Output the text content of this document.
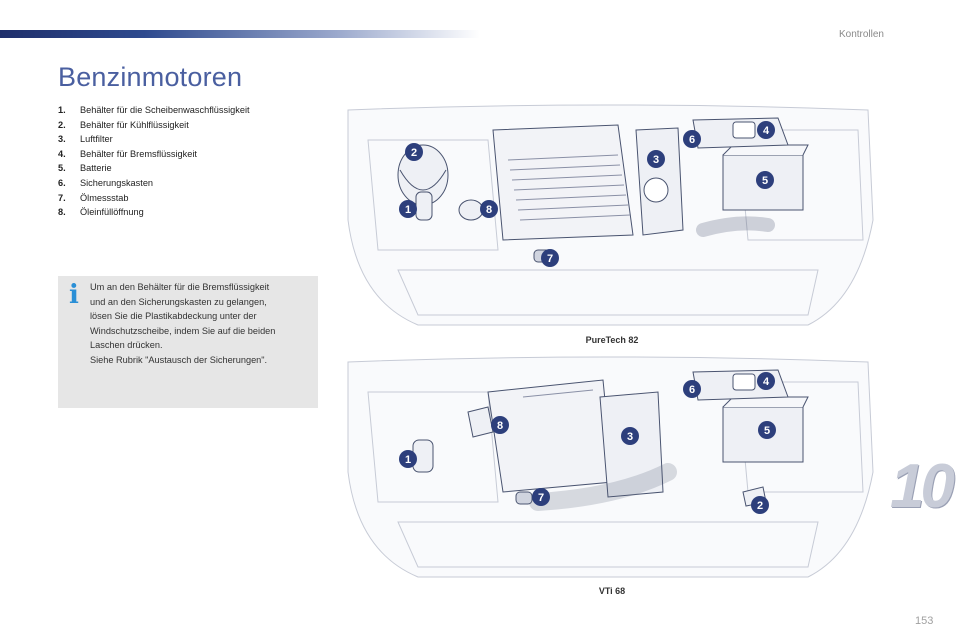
Kontrollen
Benzinmotoren
1.	Behälter für die Scheibenwaschflüssigkeit
2.	Behälter für Kühlflüssigkeit
3.	Luftfilter
4.	Behälter für Bremsflüssigkeit
5.	Batterie
6.	Sicherungskasten
7.	Ölmessstab
8.	Öleinfüllöffnung
i Um an den Behälter für die Bremsflüssigkeit

und an den Sicherungskasten zu gelangen,

lösen Sie die Plastikabdeckung unter der

Windschutzscheibe, indem Sie auf die beiden

Laschen drücken.

Siehe Rubrik "Austausch der Sicherungen".

1
2
3
4
5
6
7
8
PureTech 82
1
2
3
4
5
6
7
8
VTi 68
10
153
